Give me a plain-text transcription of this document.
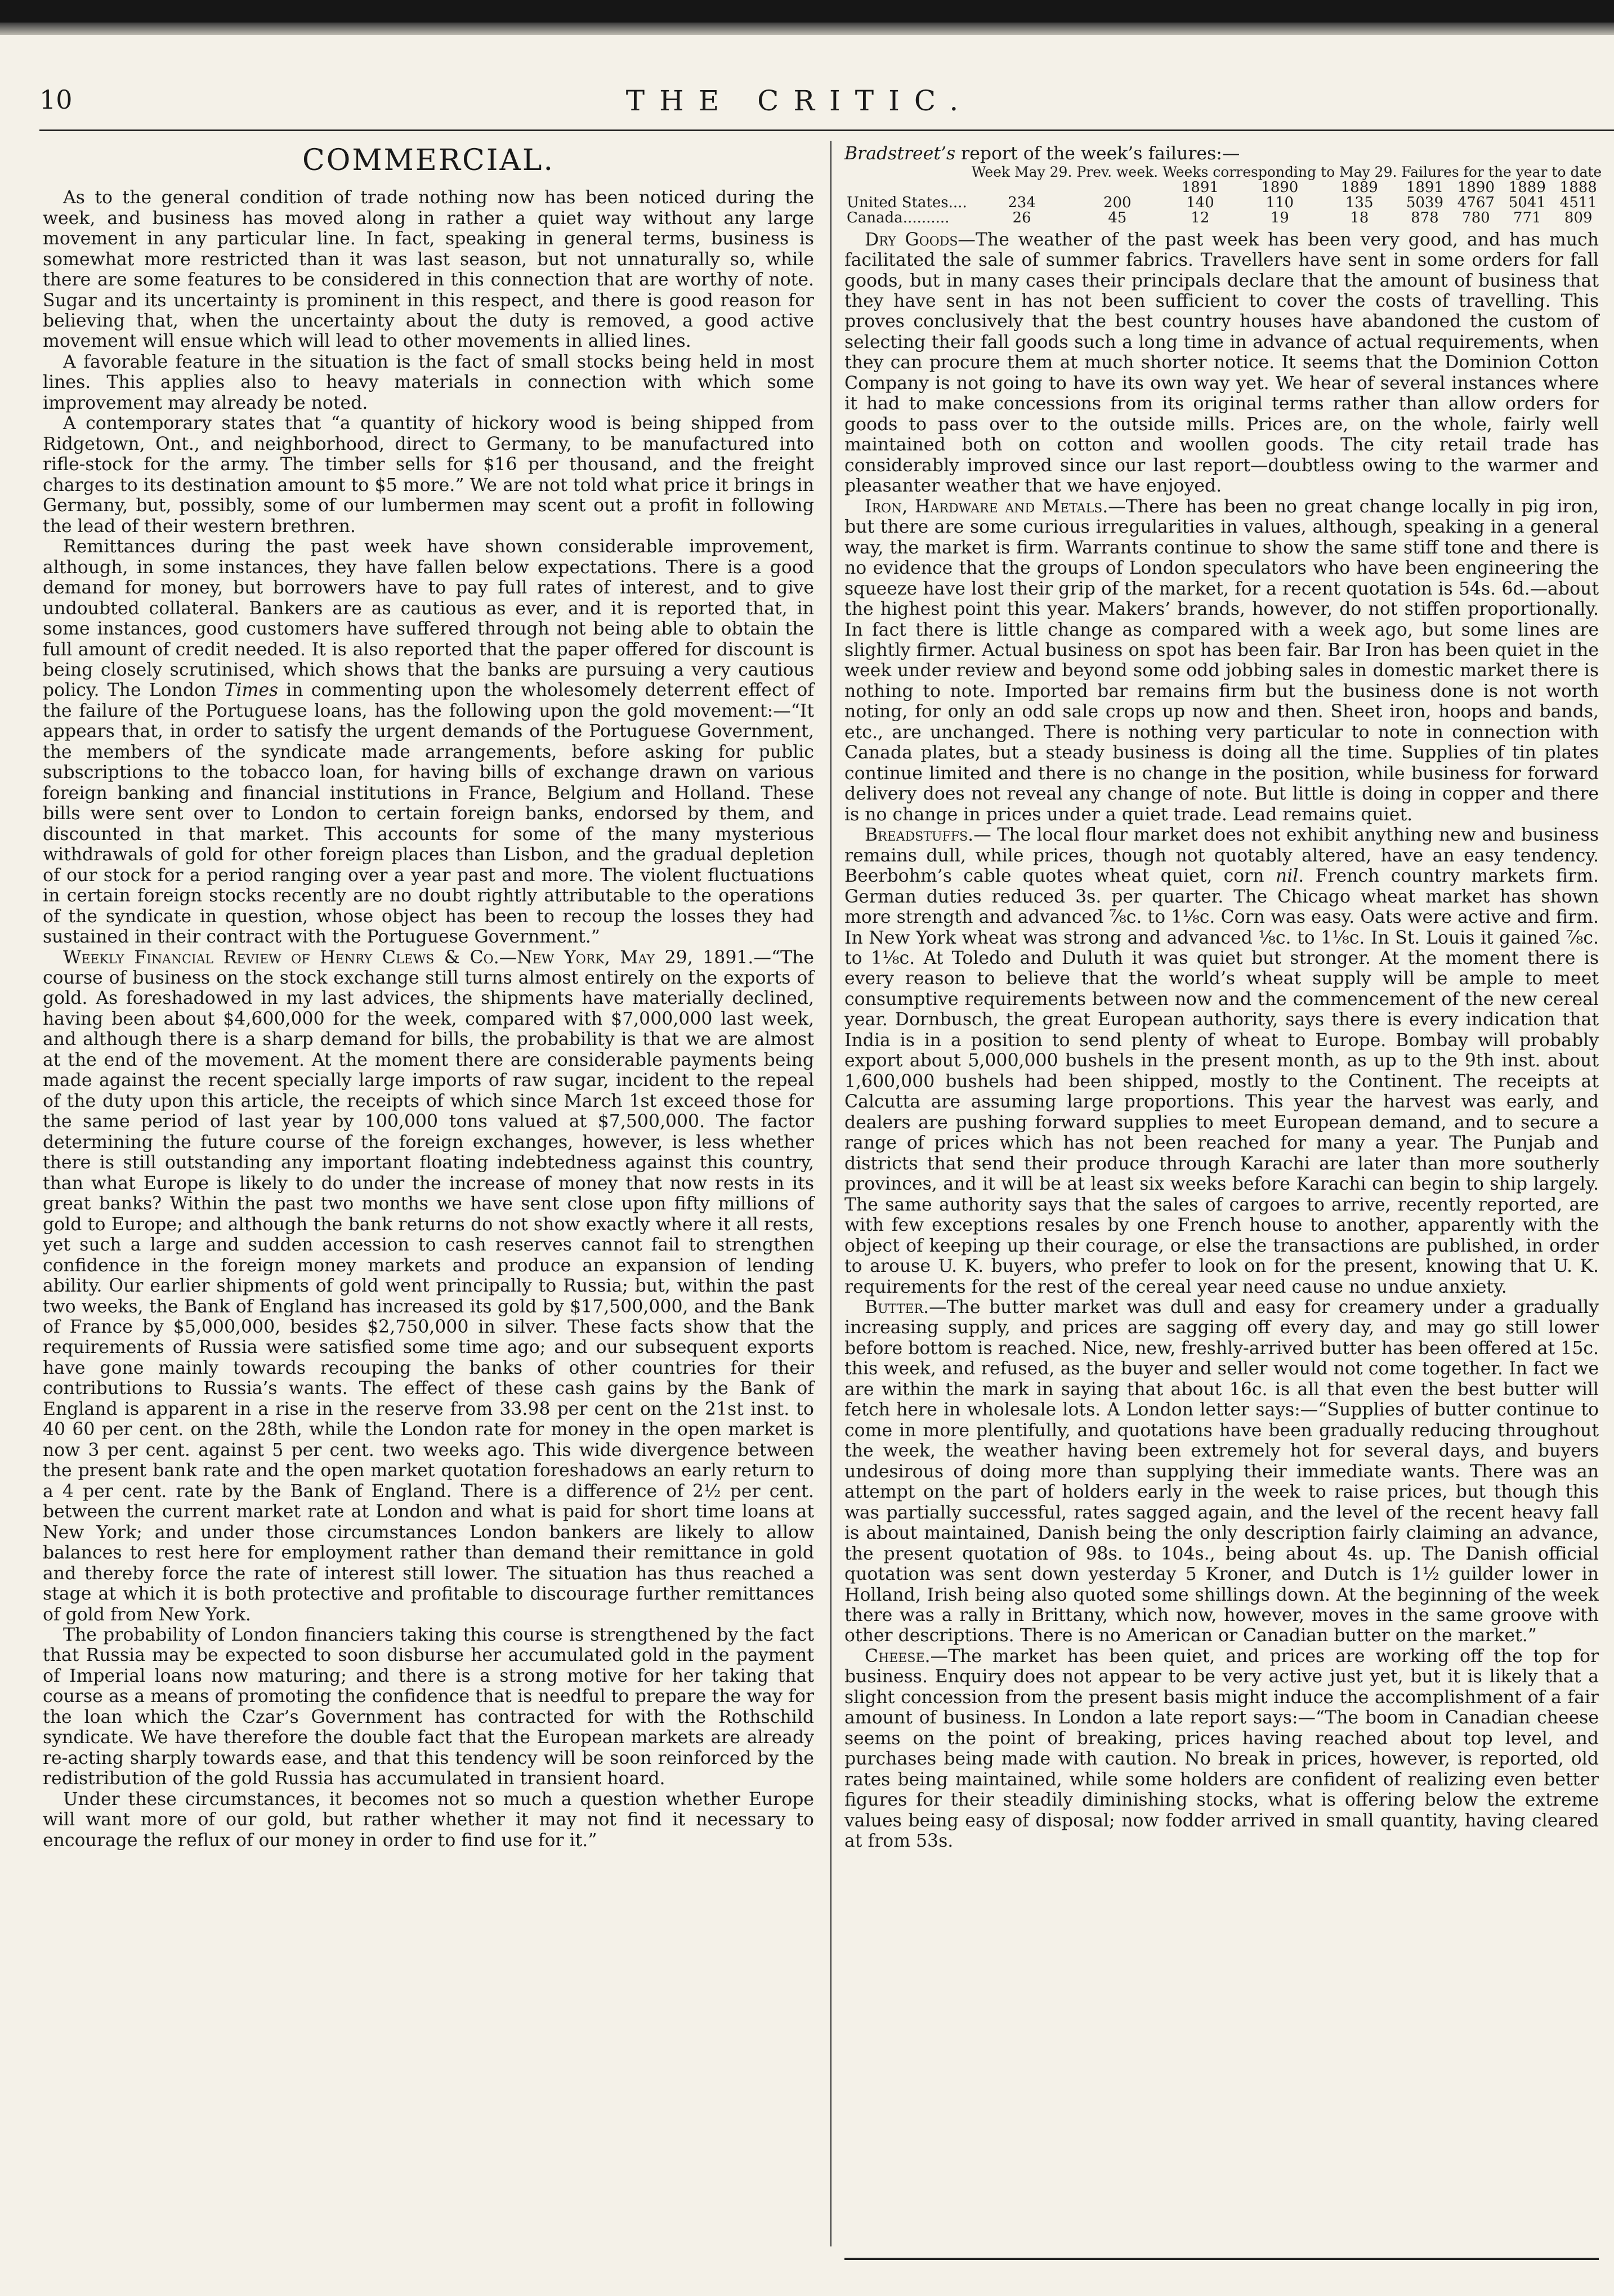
10	THE CRITIC.
COMMERCIAL.

As to the general condition of trade nothing now has been noticed during the week, and business has moved along in rather a quiet way without any large movement in any particular line. In fact, speaking in general terms, business is somewhat more restricted than it was last season, but not unnaturally so, while there are some features to be considered in this connection that are worthy of note. Sugar and its uncertainty is prominent in this respect, and there is good reason for believing that, when the uncertainty about the duty is removed, a good active movement will ensue which will lead to other movements in allied lines.

A favorable feature in the situation is the fact of small stocks being held in most lines. This applies also to heavy materials in connection with which some improvement may already be noted.

A contemporary states that “a quantity of hickory wood is being shipped from Ridgetown, Ont., and neighborhood, direct to Germany, to be manufactured into rifle-stock for the army. The timber sells for $16 per thousand, and the freight charges to its destination amount to $5 more.” We are not told what price it brings in Germany, but, possibly, some of our lumbermen may scent out a profit in following the lead of their western brethren.

Remittances during the past week have shown considerable improvement, although, in some instances, they have fallen below expectations. There is a good demand for money, but borrowers have to pay full rates of interest, and to give undoubted collateral. Bankers are as cautious as ever, and it is reported that, in some instances, good customers have suffered through not being able to obtain the full amount of credit needed. It is also reported that the paper offered for discount is being closely scrutinised, which shows that the banks are pursuing a very cautious policy. The London Times in commenting upon the wholesomely deterrent effect of the failure of the Portuguese loans, has the following upon the gold movement:—“It appears that, in order to satisfy the urgent demands of the Portuguese Government, the members of the syndicate made arrangements, before asking for public subscriptions to the tobacco loan, for having bills of exchange drawn on various foreign banking and financial institutions in France, Belgium and Holland. These bills were sent over to London to certain foreign banks, endorsed by them, and discounted in that market. This accounts for some of the many mysterious withdrawals of gold for other foreign places than Lisbon, and the gradual depletion of our stock for a period ranging over a year past and more. The violent fluctuations in certain foreign stocks recently are no doubt rightly attributable to the operations of the syndicate in question, whose object has been to recoup the losses they had sustained in their contract with the Portuguese Government.”

Weekly Financial Review of Henry Clews & Co.—New York, May 29, 1891.—“The course of business on the stock exchange still turns almost entirely on the exports of gold. As foreshadowed in my last advices, the shipments have materially declined, having been about $4,600,000 for the week, compared with $7,000,000 last week, and although there is a sharp demand for bills, the probability is that we are almost at the end of the movement. At the moment there are considerable payments being made against the recent specially large imports of raw sugar, incident to the repeal of the duty upon this article, the receipts of which since March 1st exceed those for the same period of last year by 100,000 tons valued at $7,500,000. The factor determining the future course of the foreign exchanges, however, is less whether there is still outstanding any important floating indebtedness against this country, than what Europe is likely to do under the increase of money that now rests in its great banks? Within the past two months we have sent close upon fifty millions of gold to Europe; and although the bank returns do not show exactly where it all rests, yet such a large and sudden accession to cash reserves cannot fail to strengthen confidence in the foreign money markets and produce an expansion of lending ability. Our earlier shipments of gold went principally to Russia; but, within the past two weeks, the Bank of England has increased its gold by $17,500,000, and the Bank of France by $5,000,000, besides $2,750,000 in silver. These facts show that the requirements of Russia were satisfied some time ago; and our subsequent exports have gone mainly towards recouping the banks of other countries for their contributions to Russia’s wants. The effect of these cash gains by the Bank of England is apparent in a rise in the reserve from 33.98 per cent on the 21st inst. to 40 60 per cent. on the 28th, while the London rate for money in the open market is now 3 per cent. against 5 per cent. two weeks ago. This wide divergence between the present bank rate and the open market quotation foreshadows an early return to a 4 per cent. rate by the Bank of England. There is a difference of 2½ per cent. between the current market rate at London and what is paid for short time loans at New York; and under those circumstances London bankers are likely to allow balances to rest here for employment rather than demand their remittance in gold and thereby force the rate of interest still lower. The situation has thus reached a stage at which it is both protective and profitable to discourage further remittances of gold from New York.

The probability of London financiers taking this course is strengthened by the fact that Russia may be expected to soon disburse her accumulated gold in the payment of Imperial loans now maturing; and there is a strong motive for her taking that course as a means of promoting the confidence that is needful to prepare the way for the loan which the Czar’s Government has contracted for with the Rothschild syndicate. We have therefore the double fact that the European markets are already re-acting sharply towards ease, and that this tendency will be soon reinforced by the redistribution of the gold Russia has accumulated in transient hoard.

Under these circumstances, it becomes not so much a question whether Europe will want more of our gold, but rather whether it may not find it necessary to encourage the reflux of our money in order to find use for it.”

Bradstreet’s report of the week’s failures:—

	Week May 29.	Prev. week.	Weeks corresponding to May 29.			Failures for the year to date			
			1891	1890	1889	1891	1890	1889	1888
United States....	234	200	140	110	135	5039	4767	5041	4511
Canada..........	26	45	12	19	18	878	780	771	809

Dry Goods—The weather of the past week has been very good, and has much facilitated the sale of summer fabrics. Travellers have sent in some orders for fall goods, but in many cases their principals declare that the amount of business that they have sent in has not been sufficient to cover the costs of travelling. This proves conclusively that the best country houses have abandoned the custom of selecting their fall goods such a long time in advance of actual requirements, when they can procure them at much shorter notice. It seems that the Dominion Cotton Company is not going to have its own way yet. We hear of several instances where it had to make concessions from its original terms rather than allow orders for goods to pass over to the outside mills. Prices are, on the whole, fairly well maintained both on cotton and woollen goods. The city retail trade has considerably improved since our last report—doubtless owing to the warmer and pleasanter weather that we have enjoyed.

Iron, Hardware and Metals.—There has been no great change locally in pig iron, but there are some curious irregularities in values, although, speaking in a general way, the market is firm. Warrants continue to show the same stiff tone and there is no evidence that the groups of London speculators who have been engineering the squeeze have lost their grip of the market, for a recent quotation is 54s. 6d.—about the highest point this year. Makers’ brands, however, do not stiffen proportionally. In fact there is little change as compared with a week ago, but some lines are slightly firmer. Actual business on spot has been fair. Bar Iron has been quiet in the week under review and beyond some odd jobbing sales in domestic market there is nothing to note. Imported bar remains firm but the business done is not worth noting, for only an odd sale crops up now and then. Sheet iron, hoops and bands, etc., are unchanged. There is nothing very particular to note in connection with Canada plates, but a steady business is doing all the time. Supplies of tin plates continue limited and there is no change in the position, while business for forward delivery does not reveal any change of note. But little is doing in copper and there is no change in prices under a quiet trade. Lead remains quiet.

Breadstuffs.— The local flour market does not exhibit anything new and business remains dull, while prices, though not quotably altered, have an easy tendency. Beerbohm’s cable quotes wheat quiet, corn nil. French country markets firm. German duties reduced 3s. per quarter. The Chicago wheat market has shown more strength and advanced ⅞c. to 1⅛c. Corn was easy. Oats were active and firm. In New York wheat was strong and advanced ⅛c. to 1⅛c. In St. Louis it gained ⅞c. to 1⅛c. At Toledo and Duluth it was quiet but stronger. At the moment there is every reason to believe that the world’s wheat supply will be ample to meet consumptive requirements between now and the commencement of the new cereal year. Dornbusch, the great European authority, says there is every indication that India is in a position to send plenty of wheat to Europe. Bombay will probably export about 5,000,000 bushels in the present month, as up to the 9th inst. about 1,600,000 bushels had been shipped, mostly to the Continent. The receipts at Calcutta are assuming large proportions. This year the harvest was early, and dealers are pushing forward supplies to meet European demand, and to secure a range of prices which has not been reached for many a year. The Punjab and districts that send their produce through Karachi are later than more southerly provinces, and it will be at least six weeks before Karachi can begin to ship largely. The same authority says that the sales of cargoes to arrive, recently reported, are with few exceptions resales by one French house to another, apparently with the object of keeping up their courage, or else the transactions are published, in order to arouse U. K. buyers, who prefer to look on for the present, knowing that U. K. requirements for the rest of the cereal year need cause no undue anxiety.

Butter.—The butter market was dull and easy for creamery under a gradually increasing supply, and prices are sagging off every day, and may go still lower before bottom is reached. Nice, new, freshly-arrived butter has been offered at 15c. this week, and refused, as the buyer and seller would not come together. In fact we are within the mark in saying that about 16c. is all that even the best butter will fetch here in wholesale lots. A London letter says:—“Supplies of butter continue to come in more plentifully, and quotations have been gradually reducing throughout the week, the weather having been extremely hot for several days, and buyers undesirous of doing more than supplying their immediate wants. There was an attempt on the part of holders early in the week to raise prices, but though this was partially successful, rates sagged again, and the level of the recent heavy fall is about maintained, Danish being the only description fairly claiming an advance, the present quotation of 98s. to 104s., being about 4s. up. The Danish official quotation was sent down yesterday 5 Kroner, and Dutch is 1½ guilder lower in Holland, Irish being also quoted some shillings down. At the beginning of the week there was a rally in Brittany, which now, however, moves in the same groove with other descriptions. There is no American or Canadian butter on the market.”

Cheese.—The market has been quiet, and prices are working off the top for business. Enquiry does not appear to be very active just yet, but it is likely that a slight concession from the present basis might induce the accomplishment of a fair amount of business. In London a late report says:—“The boom in Canadian cheese seems on the point of breaking, prices having reached about top level, and purchases being made with caution. No break in prices, however, is reported, old rates being maintained, while some holders are confident of realizing even better figures for their steadily diminishing stocks, what is offering below the extreme values being easy of disposal; now fodder arrived in small quantity, having cleared at from 53s.
